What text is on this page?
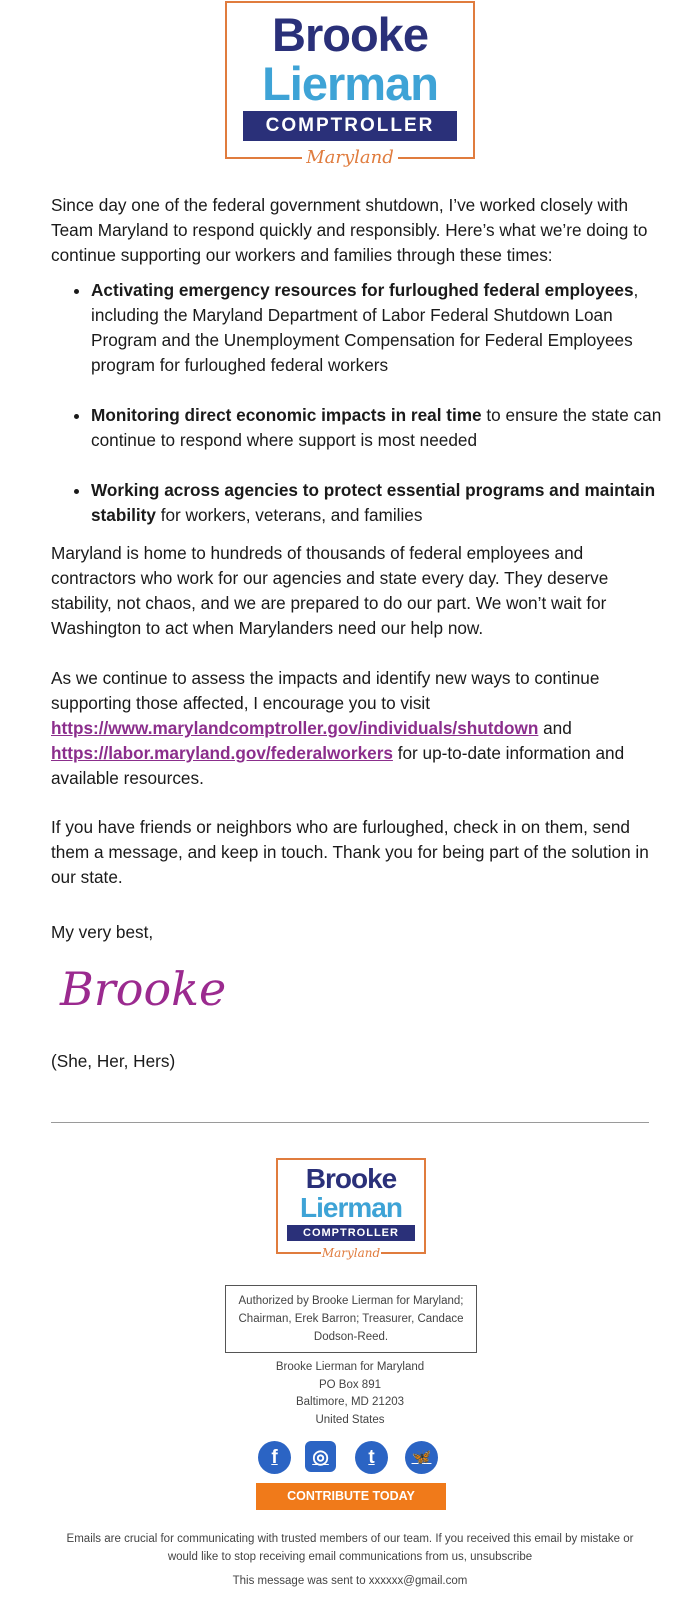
Brooke
Lierman
COMPTROLLER
Maryland

Since day one of the federal government shutdown, I’ve worked closely with Team Maryland to respond quickly and responsibly. Here’s what we’re doing to continue supporting our workers and families through these times:

• Activating emergency resources for furloughed federal employees, including the Maryland Department of Labor Federal Shutdown Loan Program and the Unemployment Compensation for Federal Employees program for furloughed federal workers
• Monitoring direct economic impacts in real time to ensure the state can continue to respond where support is most needed
• Working across agencies to protect essential programs and maintain stability for workers, veterans, and families

Maryland is home to hundreds of thousands of federal employees and contractors who work for our agencies and state every day. They deserve stability, not chaos, and we are prepared to do our part. We won’t wait for Washington to act when Marylanders need our help now.

As we continue to assess the impacts and identify new ways to continue supporting those affected, I encourage you to visit https://www.marylandcomptroller.gov/individuals/shutdown and https://labor.maryland.gov/federalworkers for up-to-date information and available resources.

If you have friends or neighbors who are furloughed, check in on them, send them a message, and keep in touch. Thank you for being part of the solution in our state.

My very best,

Brooke

(She, Her, Hers)

Brooke
Lierman
COMPTROLLER
Maryland
Authorized by Brooke Lierman for Maryland; Chairman, Erek Barron; Treasurer, Candace Dodson-Reed.
Brooke Lierman for Maryland
PO Box 891
Baltimore, MD 21203
United States
f	◎	t	🦋
CONTRIBUTE TODAY
Emails are crucial for communicating with trusted members of our team. If you received this email by mistake or would like to stop receiving email communications from us, unsubscribe
This message was sent to xxxxxx@gmail.com
